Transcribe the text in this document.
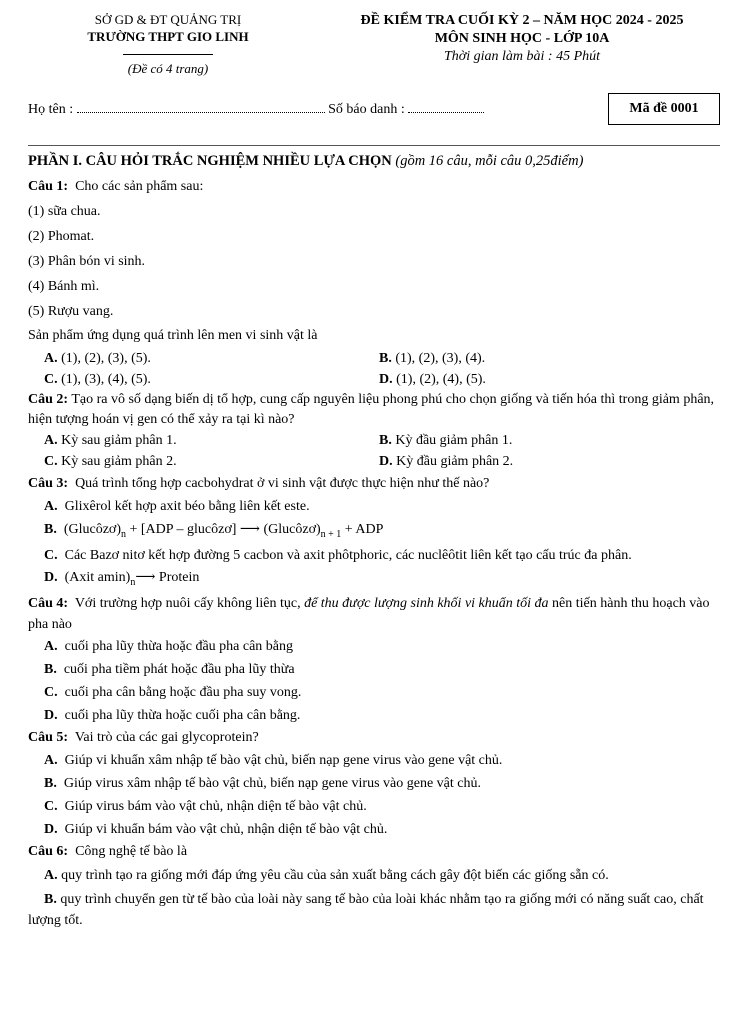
SỞ GD & ĐT QUẢNG TRỊ
TRƯỜNG THPT GIO LINH
(Đề có 4 trang)
ĐỀ KIỂM TRA CUỐI KỲ 2 – NĂM HỌC 2024 - 2025
MÔN SINH HỌC - LỚP 10A
Thời gian làm bài : 45 Phút
Họ tên :	Số báo danh :	Mã đề 0001
PHẦN I. CÂU HỎI TRẮC NGHIỆM NHIỀU LỰA CHỌN (gồm 16 câu, mỗi câu 0,25điểm)
Câu 1: Cho các sản phẩm sau:
(1) sữa chua.
(2) Phomat.
(3) Phân bón vi sinh.
(4) Bánh mì.
(5) Rượu vang.
Sản phẩm ứng dụng quá trình lên men vi sinh vật là
A. (1), (2), (3), (5).	B. (1), (2), (3), (4).
C. (1), (3), (4), (5).	D. (1), (2), (4), (5).
Câu 2: Tạo ra vô số dạng biến dị tổ hợp, cung cấp nguyên liệu phong phú cho chọn giống và tiến hóa thì trong giảm phân, hiện tượng hoán vị gen có thể xảy ra tại kì nào?
A. Kỳ sau giảm phân 1.	B. Kỳ đầu giảm phân 1.
C. Kỳ sau giảm phân 2.	D. Kỳ đầu giảm phân 2.
Câu 3: Quá trình tổng hợp cacbohydrat ở vi sinh vật được thực hiện như thế nào?
A. Glixêrol kết hợp axit béo bằng liên kết este.
B. $(Glucôzơ)_n + [ADP$ – glucôzơ] ⟶ $(Glucôzơ)_{n + 1}$ + ADP
C. Các Bazơ nitơ kết hợp đường 5 cacbon và axit phôtphoric, các nuclêôtit liên kết tạo cấu trúc đa phân.
D. (Axit $amin)_n⟶$ Protein
Câu 4: Với trường hợp nuôi cấy không liên tục, để thu được lượng sinh khối vi khuẩn tối đa nên tiến hành thu hoạch vào pha nào
A. cuối pha lũy thừa hoặc đầu pha cân bằng
B. cuối pha tiềm phát hoặc đầu pha lũy thừa
C. cuối pha cân bằng hoặc đầu pha suy vong.
D. cuối pha lũy thừa hoặc cuối pha cân bằng.
Câu 5: Vai trò của các gai glycoprotein?
A. Giúp vi khuẩn xâm nhập tế bào vật chủ, biến nạp gene virus vào gene vật chủ.
B. Giúp virus xâm nhập tế bào vật chủ, biến nạp gene virus vào gene vật chủ.
C. Giúp virus bám vào vật chủ, nhận diện tế bào vật chủ.
D. Giúp vi khuẩn bám vào vật chủ, nhận diện tế bào vật chủ.
Câu 6: Công nghệ tế bào là
A. quy trình tạo ra giống mới đáp ứng yêu cầu của sản xuất bằng cách gây đột biến các giống sẵn có.
B. quy trình chuyển gen từ tế bào của loài này sang tế bào của loài khác nhằm tạo ra giống mới có năng suất cao, chất lượng tốt.
